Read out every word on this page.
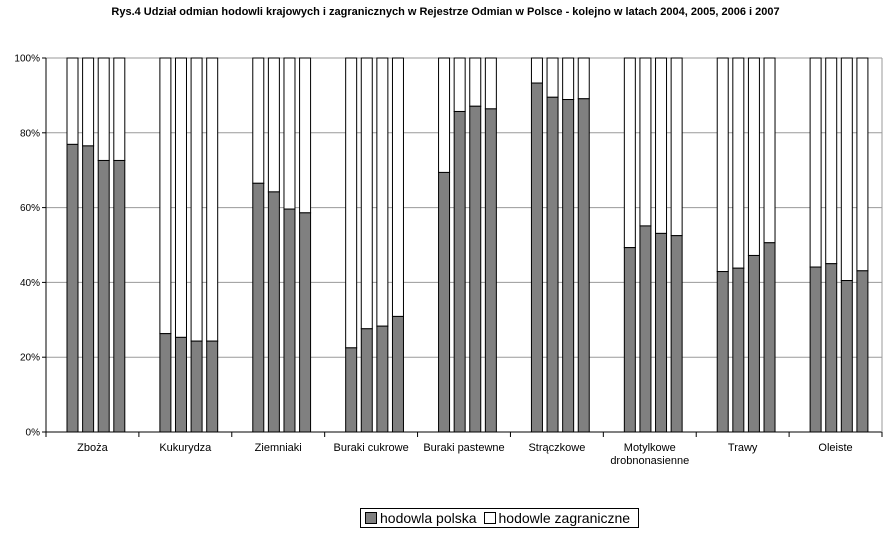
Rys.4 Udział odmian hodowli krajowych i zagranicznych w Rejestrze Odmian w Polsce - kolejno w latach 2004, 2005, 2006 i 2007
0%
20%
40%
60%
80%
100%
Zboża	Kukurydza	Ziemniaki	Buraki cukrowe Buraki pastewne Strączkowe	Motylkowe
drobnonasienne
Trawy	Oleiste
hodowla polska hodowle zagraniczne
